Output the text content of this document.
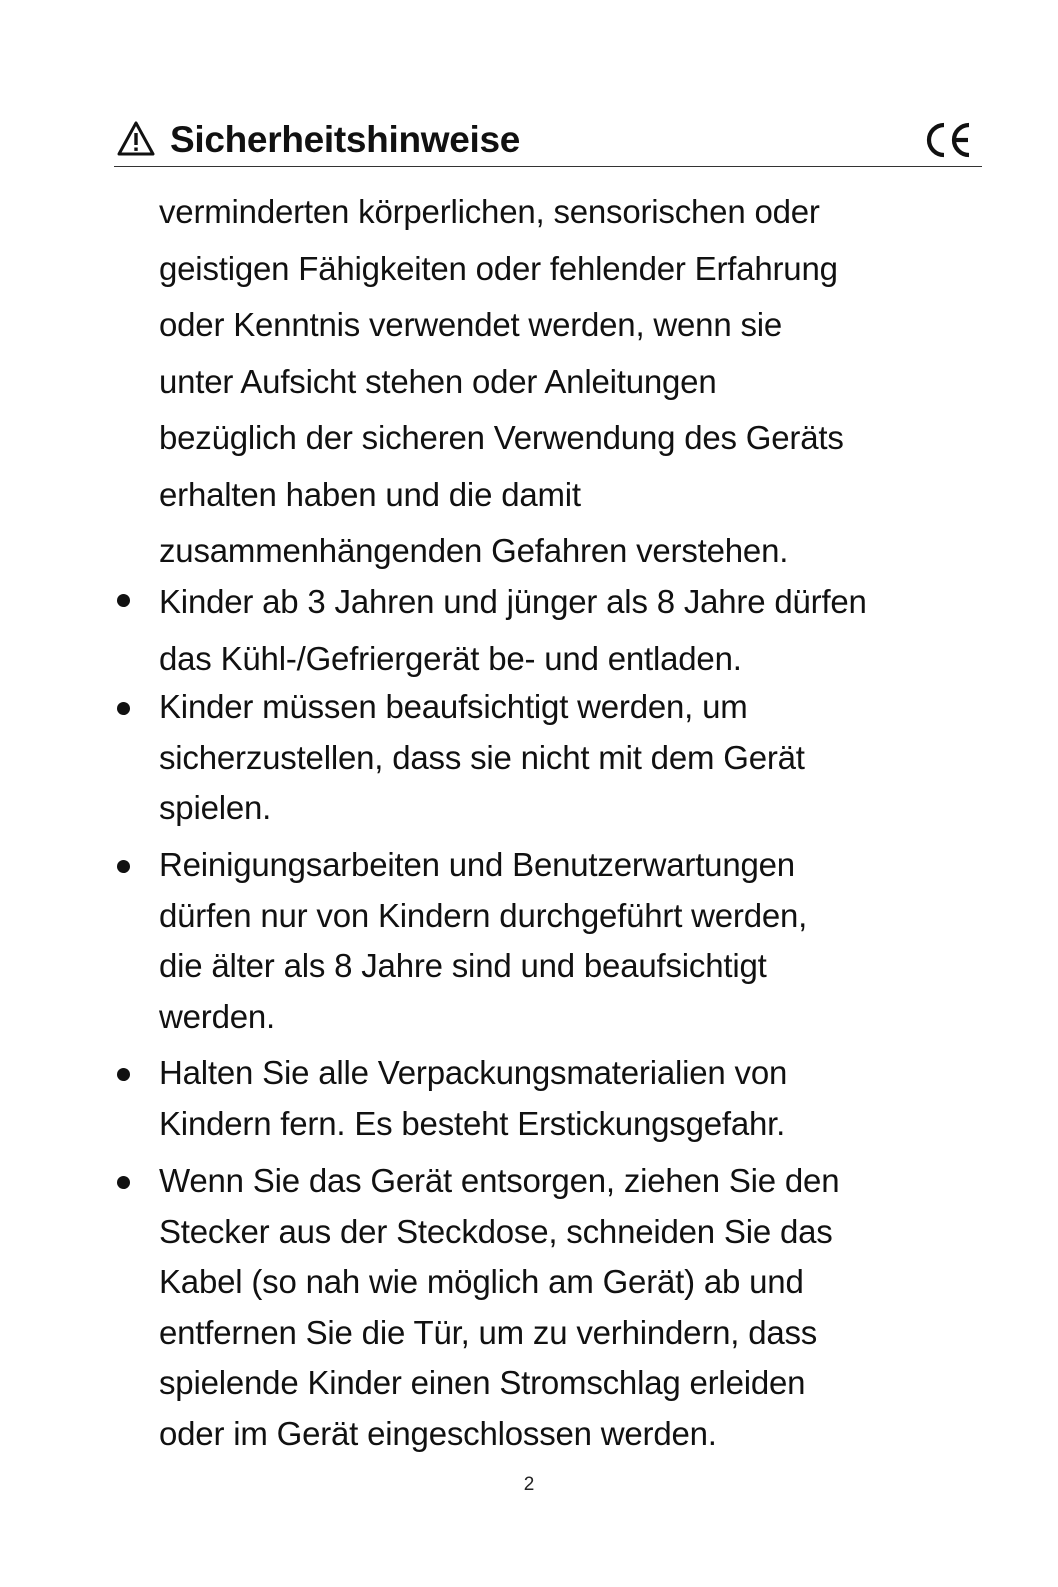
Sicherheitshinweise
verminderten körperlichen, sensorischen oder
geistigen Fähigkeiten oder fehlender Erfahrung
oder Kenntnis verwendet werden, wenn sie
unter Aufsicht stehen oder Anleitungen
bezüglich der sicheren Verwendung des Geräts
erhalten haben und die damit
zusammenhängenden Gefahren verstehen.
Kinder ab 3 Jahren und jünger als 8 Jahre dürfen
das Kühl-/Gefriergerät be- und entladen.
Kinder müssen beaufsichtigt werden, um
sicherzustellen, dass sie nicht mit dem Gerät
spielen.
Reinigungsarbeiten und Benutzerwartungen
dürfen nur von Kindern durchgeführt werden,
die älter als 8 Jahre sind und beaufsichtigt
werden.
Halten Sie alle Verpackungsmaterialien von
Kindern fern. Es besteht Erstickungsgefahr.
Wenn Sie das Gerät entsorgen, ziehen Sie den
Stecker aus der Steckdose, schneiden Sie das
Kabel (so nah wie möglich am Gerät) ab und
entfernen Sie die Tür, um zu verhindern, dass
spielende Kinder einen Stromschlag erleiden
oder im Gerät eingeschlossen werden.
2
